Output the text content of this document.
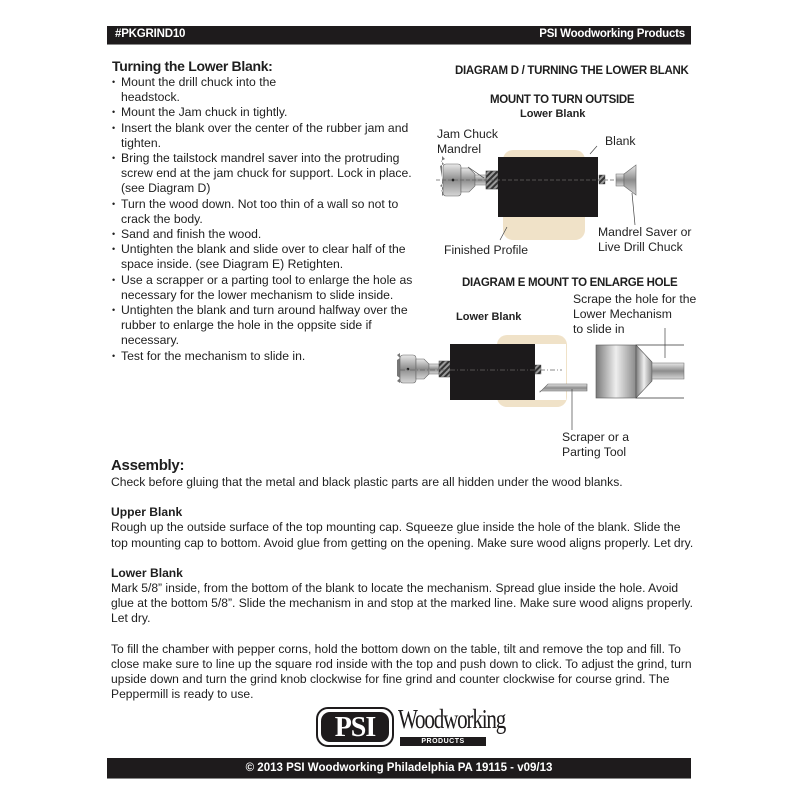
#PKGRIND10	PSI Woodworking Products
Turning the Lower Blank:
• Mount the drill chuck into the headstock.
• Mount the Jam chuck in tightly.
• Insert the blank over the center of the rubber jam and tighten.
• Bring the tailstock mandrel saver into the protruding screw end at the jam chuck for support. Lock in place. (see Diagram D)
• Turn the wood down. Not too thin of a wall so not to crack the body.
• Sand and finish the wood.
• Untighten the blank and slide over to clear half of the space inside. (see Diagram E) Retighten.
• Use a scrapper or a parting tool to enlarge the hole as necessary for the lower mechanism to slide inside.
• Untighten the blank and turn around halfway over the rubber to enlarge the hole in the oppsite side if necessary.
• Test for the mechanism to slide in.
DIAGRAM D / TURNING THE LOWER BLANK
MOUNT TO TURN OUTSIDE
Lower Blank
Jam Chuck
Mandrel
Blank
Finished Profile
Mandrel Saver or
Live Drill Chuck
DIAGRAM E MOUNT TO ENLARGE HOLE
Lower Blank
Scrape the hole for the
Lower Mechanism
to slide in
Scraper or a
Parting Tool
Assembly:

Check before gluing that the metal and black plastic parts are all hidden under the wood blanks.

Upper Blank

Rough up the outside surface of the top mounting cap. Squeeze glue inside the hole of the blank. Slide the top mounting cap to bottom. Avoid glue from getting on the opening. Make sure wood aligns properly. Let dry.

Lower Blank

Mark 5/8” inside, from the bottom of the blank to locate the mechanism. Spread glue inside the hole. Avoid glue at the bottom 5/8”. Slide the mechanism in and stop at the marked line. Make sure wood aligns properly. Let dry.

To fill the chamber with pepper corns, hold the bottom down on the table, tilt and remove the top and fill. To close make sure to line up the square rod inside with the top and push down to click. To adjust the grind, turn upside down and turn the grind knob clockwise for fine grind and counter clockwise for course grind. The Peppermill is ready to use.

PSI Woodworking
PRODUCTS
© 2013 PSI Woodworking Philadelphia PA 19115 - v09/13
